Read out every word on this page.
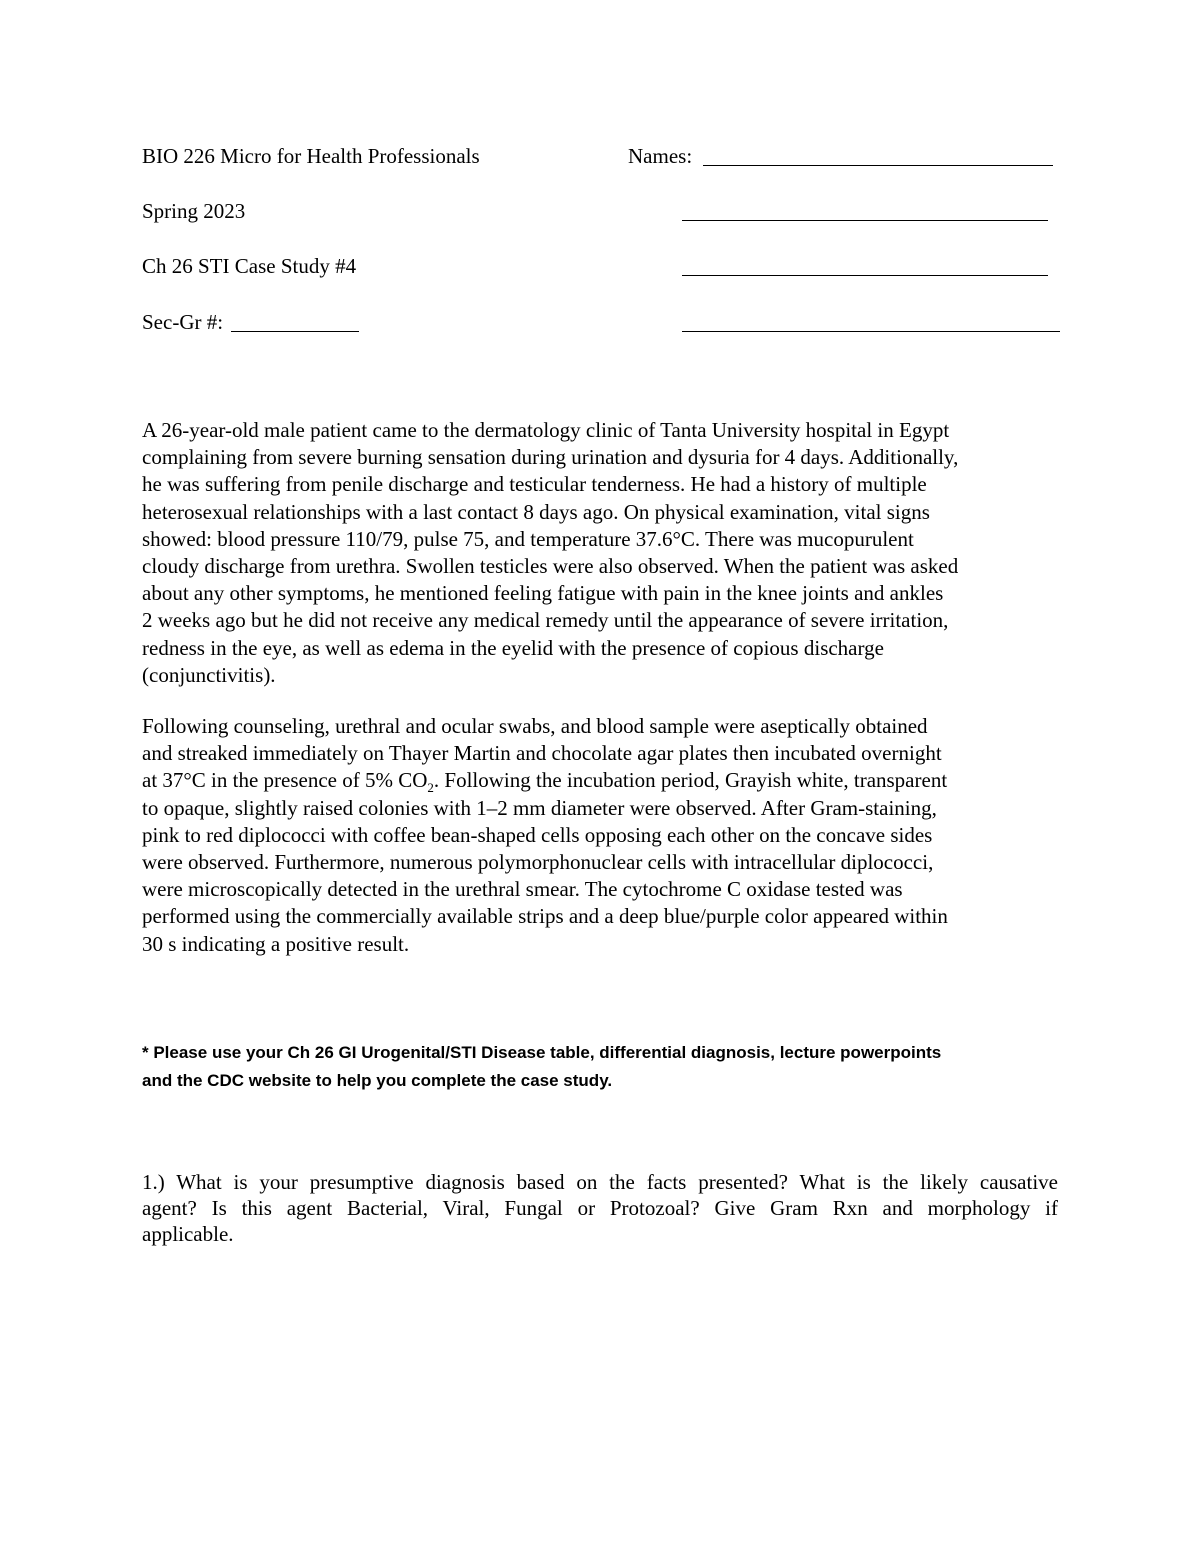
BIO 226 Micro for Health Professionals	Names:
Spring 2023
Ch 26 STI Case Study #4
Sec-Gr #:
A 26-year-old male patient came to the dermatology clinic of Tanta University hospital in Egypt
complaining from severe burning sensation during urination and dysuria for 4 days. Additionally,
he was suffering from penile discharge and testicular tenderness. He had a history of multiple
heterosexual relationships with a last contact 8 days ago. On physical examination, vital signs
showed: blood pressure 110/79, pulse 75, and temperature 37.6°C. There was mucopurulent
cloudy discharge from urethra. Swollen testicles were also observed. When the patient was asked
about any other symptoms, he mentioned feeling fatigue with pain in the knee joints and ankles
2 weeks ago but he did not receive any medical remedy until the appearance of severe irritation,
redness in the eye, as well as edema in the eyelid with the presence of copious discharge
(conjunctivitis).
Following counseling, urethral and ocular swabs, and blood sample were aseptically obtained
and streaked immediately on Thayer Martin and chocolate agar plates then incubated overnight
at 37°C in the presence of 5% $CO_2$. Following the incubation period, Grayish white, transparent
to opaque, slightly raised colonies with 1–2 mm diameter were observed. After Gram-staining,
pink to red diplococci with coffee bean-shaped cells opposing each other on the concave sides
were observed. Furthermore, numerous polymorphonuclear cells with intracellular diplococci,
were microscopically detected in the urethral smear. The cytochrome C oxidase tested was
performed using the commercially available strips and a deep blue/purple color appeared within
30 s indicating a positive result.
* Please use your Ch 26 GI Urogenital/STI Disease table, differential diagnosis, lecture powerpoints
and the CDC website to help you complete the case study.
1.) What is your presumptive diagnosis based on the facts presented? What is the likely causative
agent? Is this agent Bacterial, Viral, Fungal or Protozoal? Give Gram Rxn and morphology if
applicable.
